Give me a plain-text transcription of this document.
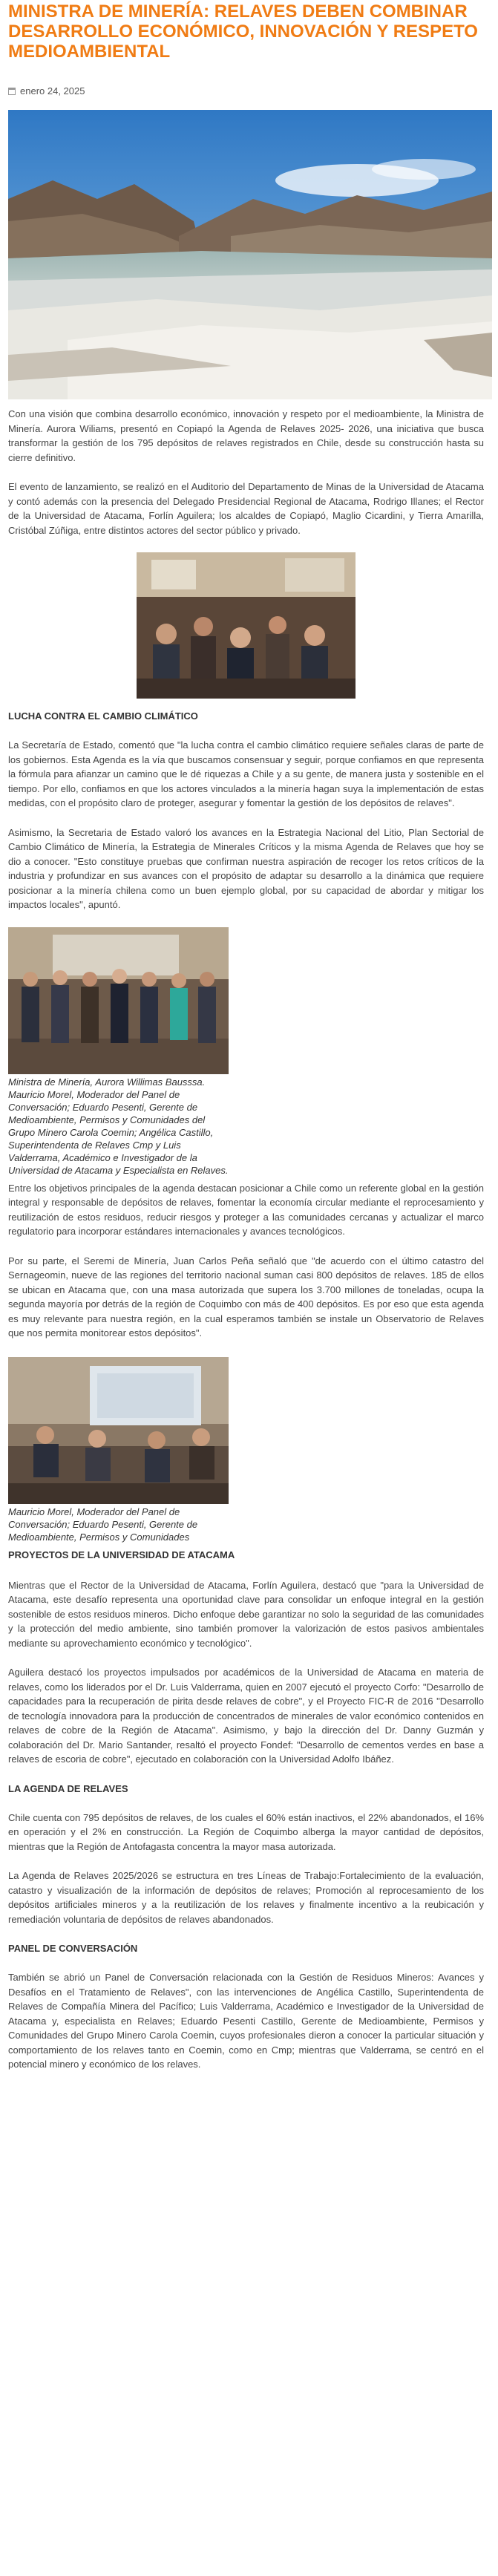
MINISTRA DE MINERÍA: RELAVES DEBEN COMBINAR DESARROLLO ECONÓMICO, INNOVACIÓN Y RESPETO MEDIOAMBIENTAL
enero 24, 2025

Con una visión que combina desarrollo económico, innovación y respeto por el medioambiente, la Ministra de Minería. Aurora Wiliams, presentó en Copiapó la Agenda de Relaves 2025- 2026, una iniciativa que busca transformar la gestión de los 795 depósitos de relaves registrados en Chile, desde su construcción hasta su cierre definitivo.

El evento de lanzamiento, se realizó en el Auditorio del Departamento de Minas de la Universidad de Atacama y contó además con la presencia del Delegado Presidencial Regional de Atacama, Rodrigo Illanes; el Rector de la Universidad de Atacama, Forlín Aguilera; los alcaldes de Copiapó, Maglio Cicardini, y Tierra Amarilla, Cristóbal Zúñiga, entre distintos actores del sector público y privado.

LUCHA CONTRA EL CAMBIO CLIMÁTICO

La Secretaría de Estado, comentó que "la lucha contra el cambio climático requiere señales claras de parte de los gobiernos. Esta Agenda es la vía que buscamos consensuar y seguir, porque confiamos en que representa la fórmula para afianzar un camino que le dé riquezas a Chile y a su gente, de manera justa y sostenible en el tiempo. Por ello, confiamos en que los actores vinculados a la minería hagan suya la implementación de estas medidas, con el propósito claro de proteger, asegurar y fomentar la gestión de los depósitos de relaves".

Asimismo, la Secretaria de Estado valoró los avances en la Estrategia Nacional del Litio, Plan Sectorial de Cambio Climático de Minería, la Estrategia de Minerales Críticos y la misma Agenda de Relaves que hoy se dio a conocer. "Esto constituye pruebas que confirman nuestra aspiración de recoger los retos críticos de la industria y profundizar en sus avances con el propósito de adaptar su desarrollo a la dinámica que requiere posicionar a la minería chilena como un buen ejemplo global, por su capacidad de abordar y mitigar los impactos locales", apuntó.

Ministra de Minería, Aurora Willimas Bausssa. Mauricio Morel, Moderador del Panel de Conversación; Eduardo Pesenti, Gerente de Medioambiente, Permisos y Comunidades del Grupo Minero Carola Coemin; Angélica Castillo, Superintendenta de Relaves Cmp y Luis Valderrama, Académico e Investigador de la Universidad de Atacama y Especialista en Relaves.

Entre los objetivos principales de la agenda destacan posicionar a Chile como un referente global en la gestión integral y responsable de depósitos de relaves, fomentar la economía circular mediante el reprocesamiento y reutilización de estos residuos, reducir riesgos y proteger a las comunidades cercanas y actualizar el marco regulatorio para incorporar estándares internacionales y avances tecnológicos.

Por su parte, el Seremi de Minería, Juan Carlos Peña señaló que "de acuerdo con el último catastro del Sernageomin, nueve de las regiones del territorio nacional suman casi 800 depósitos de relaves. 185 de ellos se ubican en Atacama que, con una masa autorizada que supera los 3.700 millones de toneladas, ocupa la segunda mayoría por detrás de la región de Coquimbo con más de 400 depósitos. Es por eso que esta agenda es muy relevante para nuestra región, en la cual esperamos también se instale un Observatorio de Relaves que nos permita monitorear estos depósitos".

Mauricio Morel, Moderador del Panel de Conversación; Eduardo Pesenti, Gerente de Medioambiente, Permisos y Comunidades
PROYECTOS DE LA UNIVERSIDAD DE ATACAMA

Mientras que el Rector de la Universidad de Atacama, Forlín Aguilera, destacó que "para la Universidad de Atacama, este desafío representa una oportunidad clave para consolidar un enfoque integral en la gestión sostenible de estos residuos mineros. Dicho enfoque debe garantizar no solo la seguridad de las comunidades y la protección del medio ambiente, sino también promover la valorización de estos pasivos ambientales mediante su aprovechamiento económico y tecnológico".

Aguilera destacó los proyectos impulsados por académicos de la Universidad de Atacama en materia de relaves, como los liderados por el Dr. Luis Valderrama, quien en 2007 ejecutó el proyecto Corfo: "Desarrollo de capacidades para la recuperación de pirita desde relaves de cobre", y el Proyecto FIC-R de 2016 "Desarrollo de tecnología innovadora para la producción de concentrados de minerales de valor económico contenidos en relaves de cobre de la Región de Atacama". Asimismo, y bajo la dirección del Dr. Danny Guzmán y colaboración del Dr. Mario Santander, resaltó el proyecto Fondef: "Desarrollo de cementos verdes en base a relaves de escoria de cobre", ejecutado en colaboración con la Universidad Adolfo Ibáñez.

LA AGENDA DE RELAVES

Chile cuenta con 795 depósitos de relaves, de los cuales el 60% están inactivos, el 22% abandonados, el 16% en operación y el 2% en construcción. La Región de Coquimbo alberga la mayor cantidad de depósitos, mientras que la Región de Antofagasta concentra la mayor masa autorizada.

La Agenda de Relaves 2025/2026 se estructura en tres Líneas de Trabajo:Fortalecimiento de la evaluación, catastro y visualización de la información de depósitos de relaves; Promoción al reprocesamiento de los depósitos artificiales mineros y a la reutilización de los relaves y finalmente incentivo a la reubicación y remediación voluntaria de depósitos de relaves abandonados.

PANEL DE CONVERSACIÓN

También se abrió un Panel de Conversación relacionada con la Gestión de Residuos Mineros: Avances y Desafíos en el Tratamiento de Relaves", con las intervenciones de Angélica Castillo, Superintendenta de Relaves de Compañía Minera del Pacífico; Luis Valderrama, Académico e Investigador de la Universidad de Atacama y, especialista en Relaves; Eduardo Pesenti Castillo, Gerente de Medioambiente, Permisos y Comunidades del Grupo Minero Carola Coemin, cuyos profesionales dieron a conocer la particular situación y comportamiento de los relaves tanto en Coemin, como en Cmp; mientras que Valderrama, se centró en el potencial minero y económico de los relaves.
